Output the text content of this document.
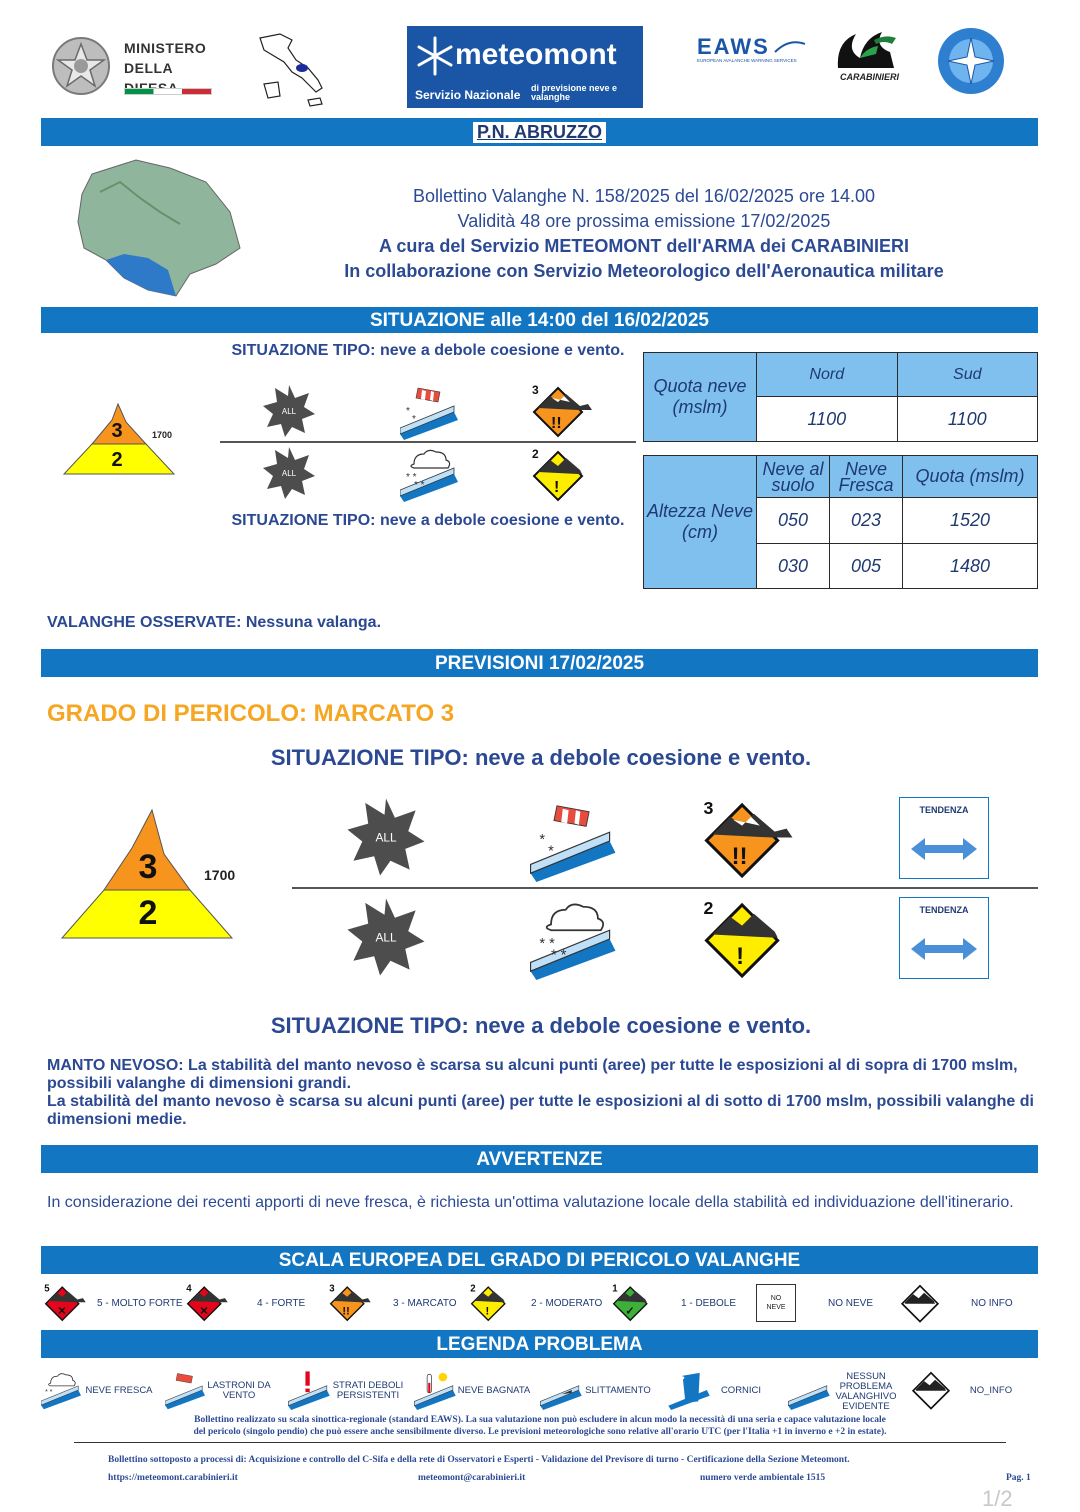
MINISTERO
DELLA	meteomont
Servizio Nazionale di previsione neve e valanghe
EAWS
EUROPEAN AVALANCHE WARNING SERVICES
CARABINIERI
P.N. ABRUZZO
Bollettino Valanghe N. 158/2025 del 16/02/2025 ore 14.00
Validità 48 ore prossima emissione 17/02/2025
A cura del Servizio METEOMONT dell'ARMA dei CARABINIERI
In collaborazione con Servizio Meteorologico dell'Aeronautica militare
SITUAZIONE alle 14:00 del 16/02/2025
SITUAZIONE TIPO: neve a debole coesione e vento.
3
2
1700
ALL	*
*
3
!!
ALL	* *
* *
2
!
SITUAZIONE TIPO: neve a debole coesione e vento.
Quota neve (mslm)	Nord	Sud
	1100	1100
Altezza Neve (cm)	Neve al suolo	Neve Fresca	Quota (mslm)
	050	023	1520
	030	005	1480
VALANGHE OSSERVATE: Nessuna valanga.
PREVISIONI 17/02/2025
GRADO DI PERICOLO: MARCATO 3
SITUAZIONE TIPO: neve a debole coesione e vento.
3
2
1700
ALL	*
*
3
!!
TENDENZA
ALL	* *
* *
2
!
TENDENZA
SITUAZIONE TIPO: neve a debole coesione e vento.
MANTO NEVOSO: La stabilità del manto nevoso è scarsa su alcuni punti (aree) per tutte le esposizioni al di sopra di 1700 mslm, possibili valanghe di dimensioni grandi.
La stabilità del manto nevoso è scarsa su alcuni punti (aree) per tutte le esposizioni al di sotto di 1700 mslm, possibili valanghe di dimensioni medie.
AVVERTENZE
In considerazione dei recenti apporti di neve fresca, è richiesta un'ottima valutazione locale della stabilità ed individuazione dell'itinerario.
SCALA EUROPEA DEL GRADO DI PERICOLO VALANGHE
5
✕
5 - MOLTO FORTE
4
✕
4 - FORTE
3
!!
3 - MARCATO
2
!
2 - MODERATO
1
✓
1 - DEBOLE	NO NEVE	NO NEVE	NO INFO
LEGENDA PROBLEMA
* *	NEVE FRESCA	LASTRONI DA VENTO
STRATI DEBOLI PERSISTENTI	NEVE BAGNATA	SLITTAMENTO	CORNICI
NESSUN PROBLEMA VALANGHIVO EVIDENTE
NO_INFO
Bollettino realizzato su scala sinottica-regionale (standard EAWS). La sua valutazione non può escludere in alcun modo la necessità di una seria e capace valutazione locale
del pericolo (singolo pendio) che può essere anche sensibilmente diverso. Le previsioni meteorologiche sono relative all'orario UTC (per l'Italia +1 in inverno e +2 in estate).
Bollettino sottoposto a processi di: Acquisizione e controllo del C-Sifa e della rete di Osservatori e Esperti - Validazione del Previsore di turno - Certificazione della Sezione Meteomont.
https://meteomont.carabinieri.it	meteomont@carabinieri.it	numero verde ambientale 1515	Pag. 1
1/2
